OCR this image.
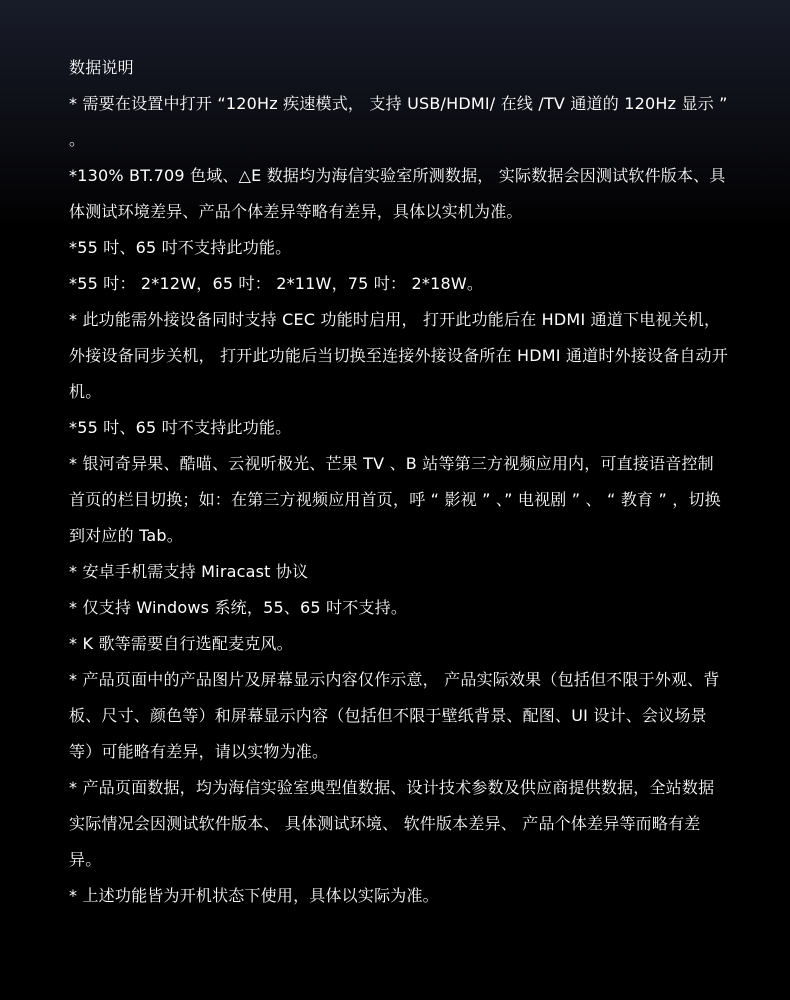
数据说明

* 需要在设置中打开 “120Hz 疾速模式， 支持 USB/HDMI/ 在线 /TV 通道的 120Hz 显示 ” 。

*130% BT.709 色域、△E 数据均为海信实验室所测数据， 实际数据会因测试软件版本、具体测试环境差异、产品个体差异等略有差异，具体以实机为准。

*55 吋、65 吋不支持此功能。

*55 吋： 2*12W，65 吋： 2*11W，75 吋： 2*18W。

* 此功能需外接设备同时支持 CEC 功能时启用， 打开此功能后在 HDMI 通道下电视关机， 外接设备同步关机， 打开此功能后当切换至连接外接设备所在 HDMI 通道时外接设备自动开机。

*55 吋、65 吋不支持此功能。

* 银河奇异果、酷喵、云视听极光、芒果 TV 、B 站等第三方视频应用内，可直接语音控制首页的栏目切换；如：在第三方视频应用首页，呼 “ 影视 ” 、” 电视剧 ” 、 “ 教育 ” ，切换到对应的 Tab。

* 安卓手机需支持 Miracast 协议

* 仅支持 Windows 系统，55、65 吋不支持。

* K 歌等需要自行选配麦克风。

* 产品页面中的产品图片及屏幕显示内容仅作示意， 产品实际效果（包括但不限于外观、背板、尺寸、颜色等）和屏幕显示内容（包括但不限于壁纸背景、配图、UI 设计、会议场景等）可能略有差异，请以实物为准。

* 产品页面数据，均为海信实验室典型值数据、设计技术参数及供应商提供数据，全站数据实际情况会因测试软件版本、 具体测试环境、 软件版本差异、 产品个体差异等而略有差异。

* 上述功能皆为开机状态下使用，具体以实际为准。
